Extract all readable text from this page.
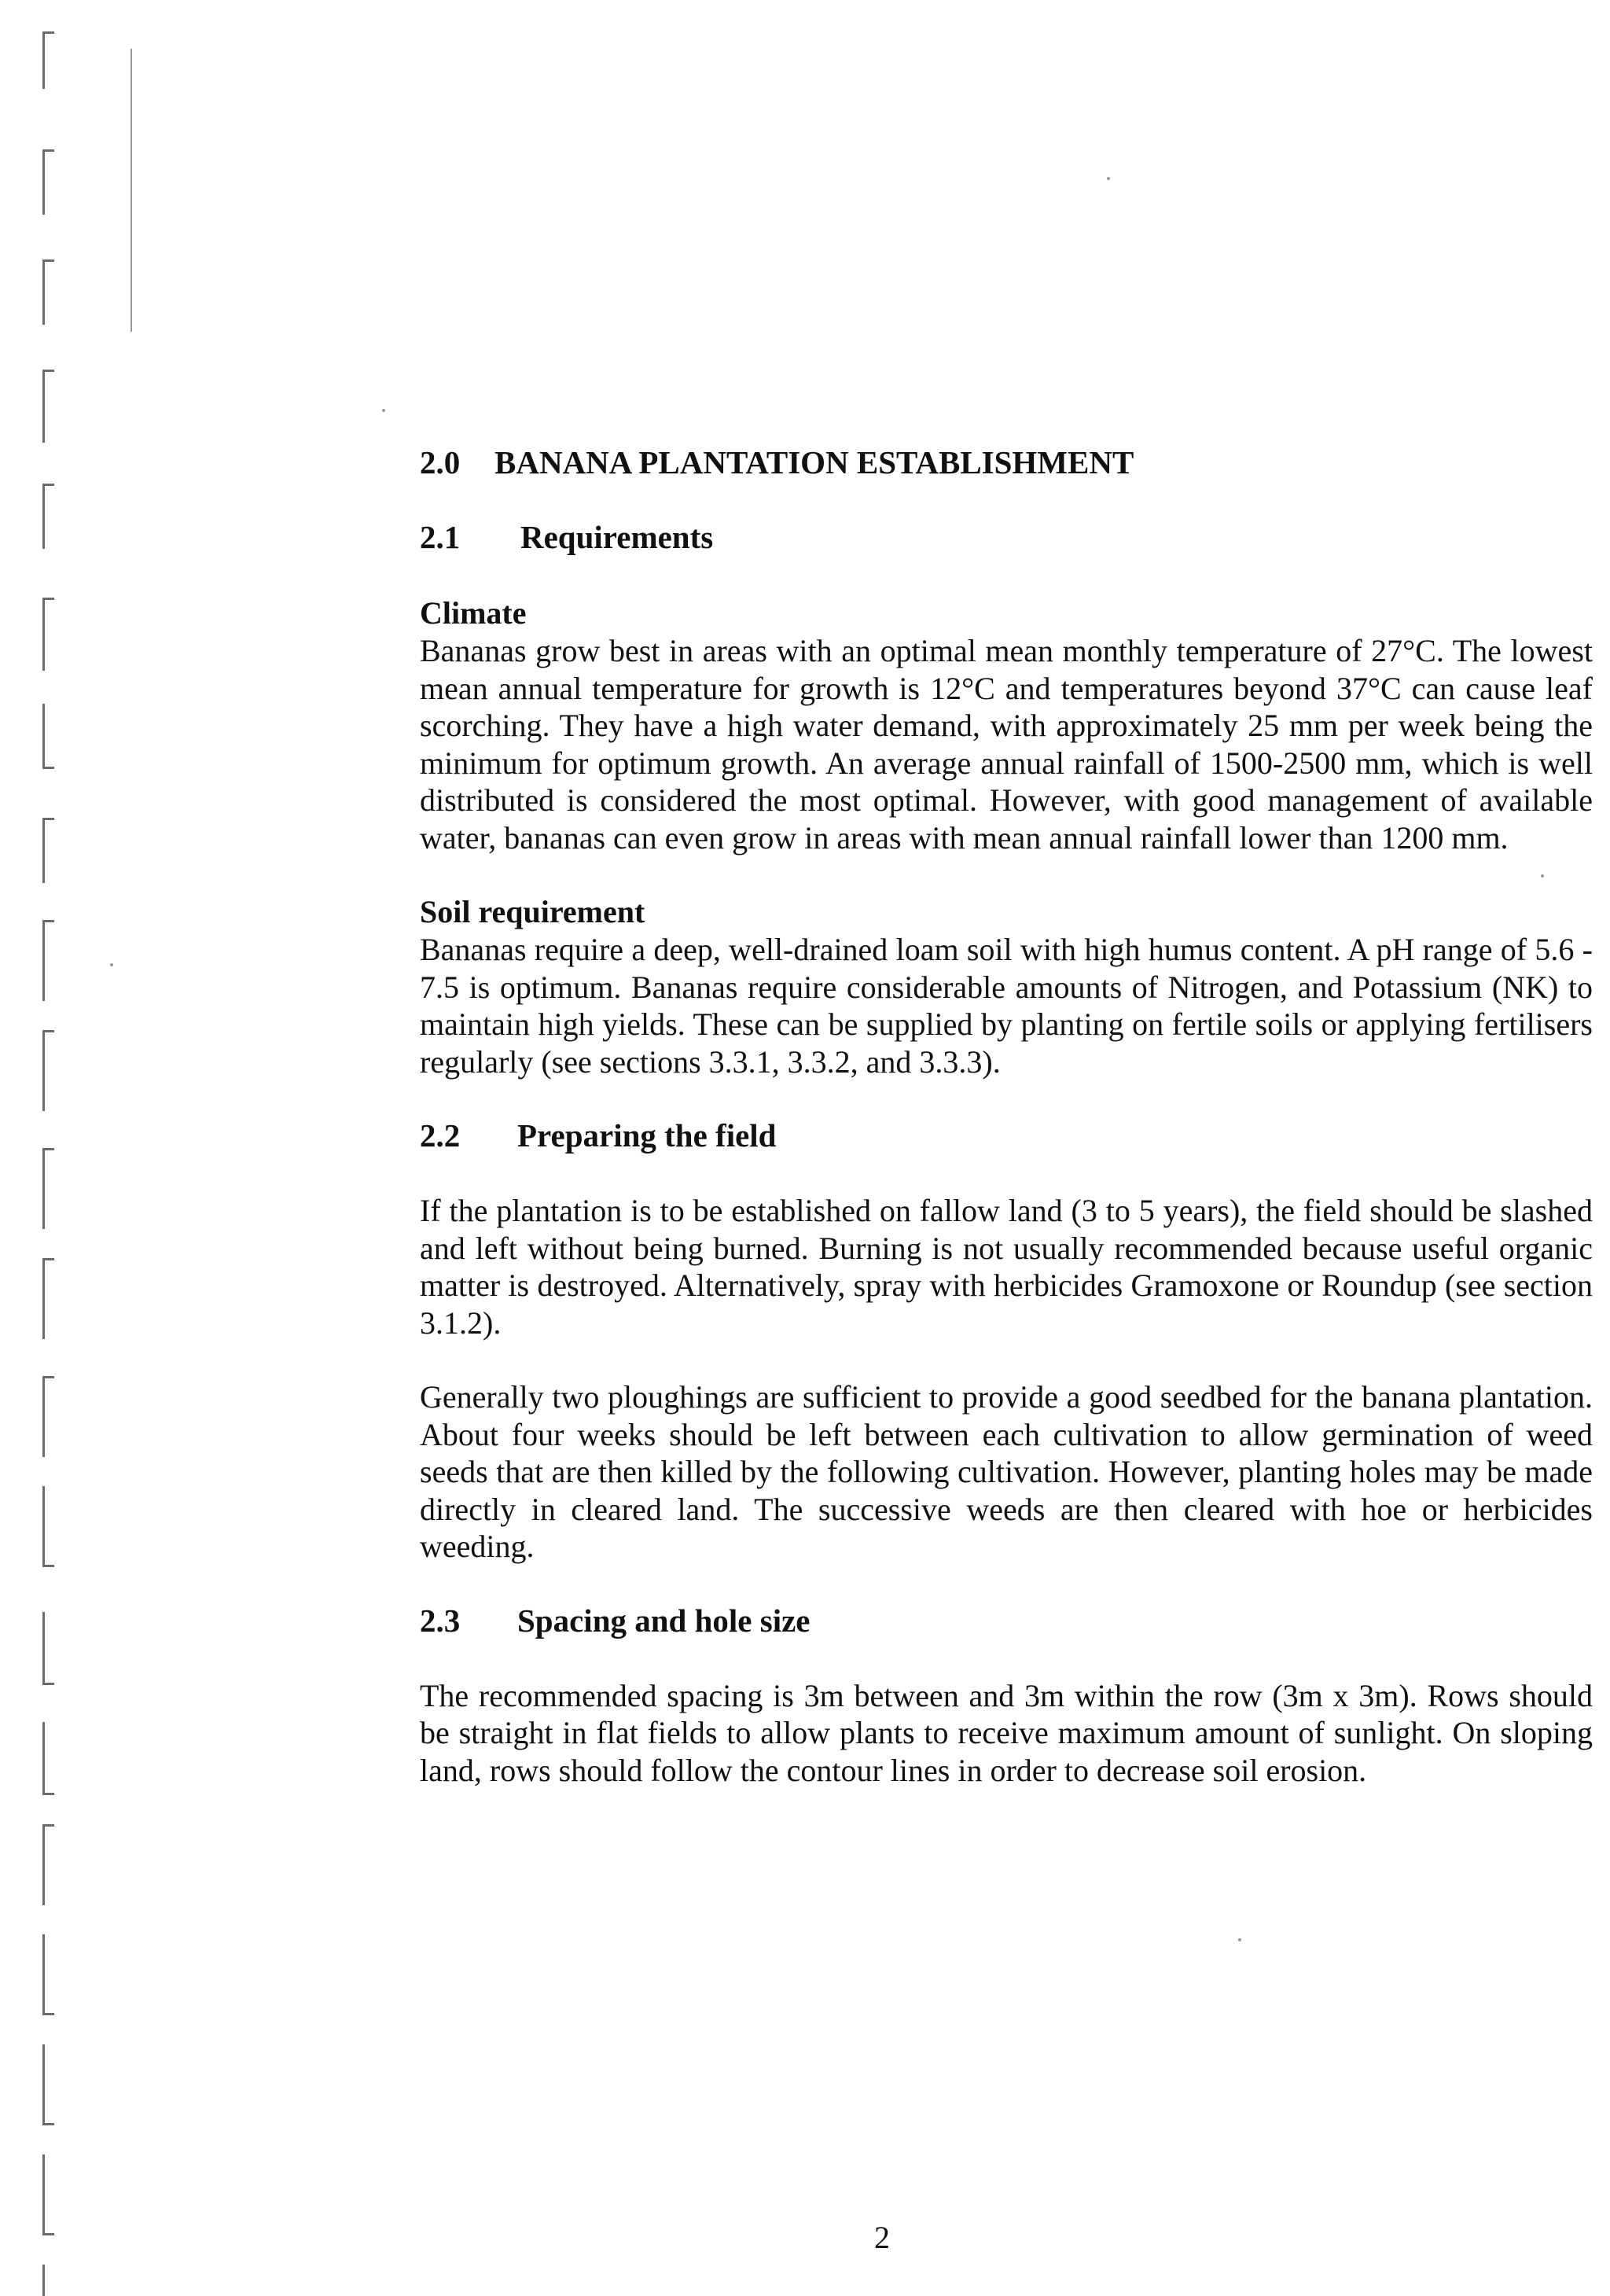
2.0	BANANA PLANTATION ESTABLISHMENT
2.1	Requirements

Climate

Bananas grow best in areas with an optimal mean monthly temperature of 27°C. The lowest mean annual temperature for growth is 12°C and temperatures beyond 37°C can cause leaf scorching. They have a high water demand, with approximately 25 mm per week being the minimum for optimum growth. An average annual rainfall of 1500-2500 mm, which is well distributed is considered the most optimal. However, with good management of available water, bananas can even grow in areas with mean annual rainfall lower than 1200 mm.

Soil requirement

Bananas require a deep, well-drained loam soil with high humus content. A pH range of 5.6 - 7.5 is optimum. Bananas require considerable amounts of Nitrogen, and Potassium (NK) to maintain high yields. These can be supplied by planting on fertile soils or applying fertilisers regularly (see sections 3.3.1, 3.3.2, and 3.3.3).

2.2	Preparing the field

If the plantation is to be established on fallow land (3 to 5 years), the field should be slashed and left without being burned. Burning is not usually recommended because useful organic matter is destroyed. Alternatively, spray with herbicides Gramoxone or Roundup (see section 3.1.2).

Generally two ploughings are sufficient to provide a good seedbed for the banana plantation. About four weeks should be left between each cultivation to allow germination of weed seeds that are then killed by the following cultivation. However, planting holes may be made directly in cleared land. The successive weeds are then cleared with hoe or herbicides weeding.

2.3	Spacing and hole size

The recommended spacing is 3m between and 3m within the row (3m x 3m). Rows should be straight in flat fields to allow plants to receive maximum amount of sunlight. On sloping land, rows should follow the contour lines in order to decrease soil erosion.

2
